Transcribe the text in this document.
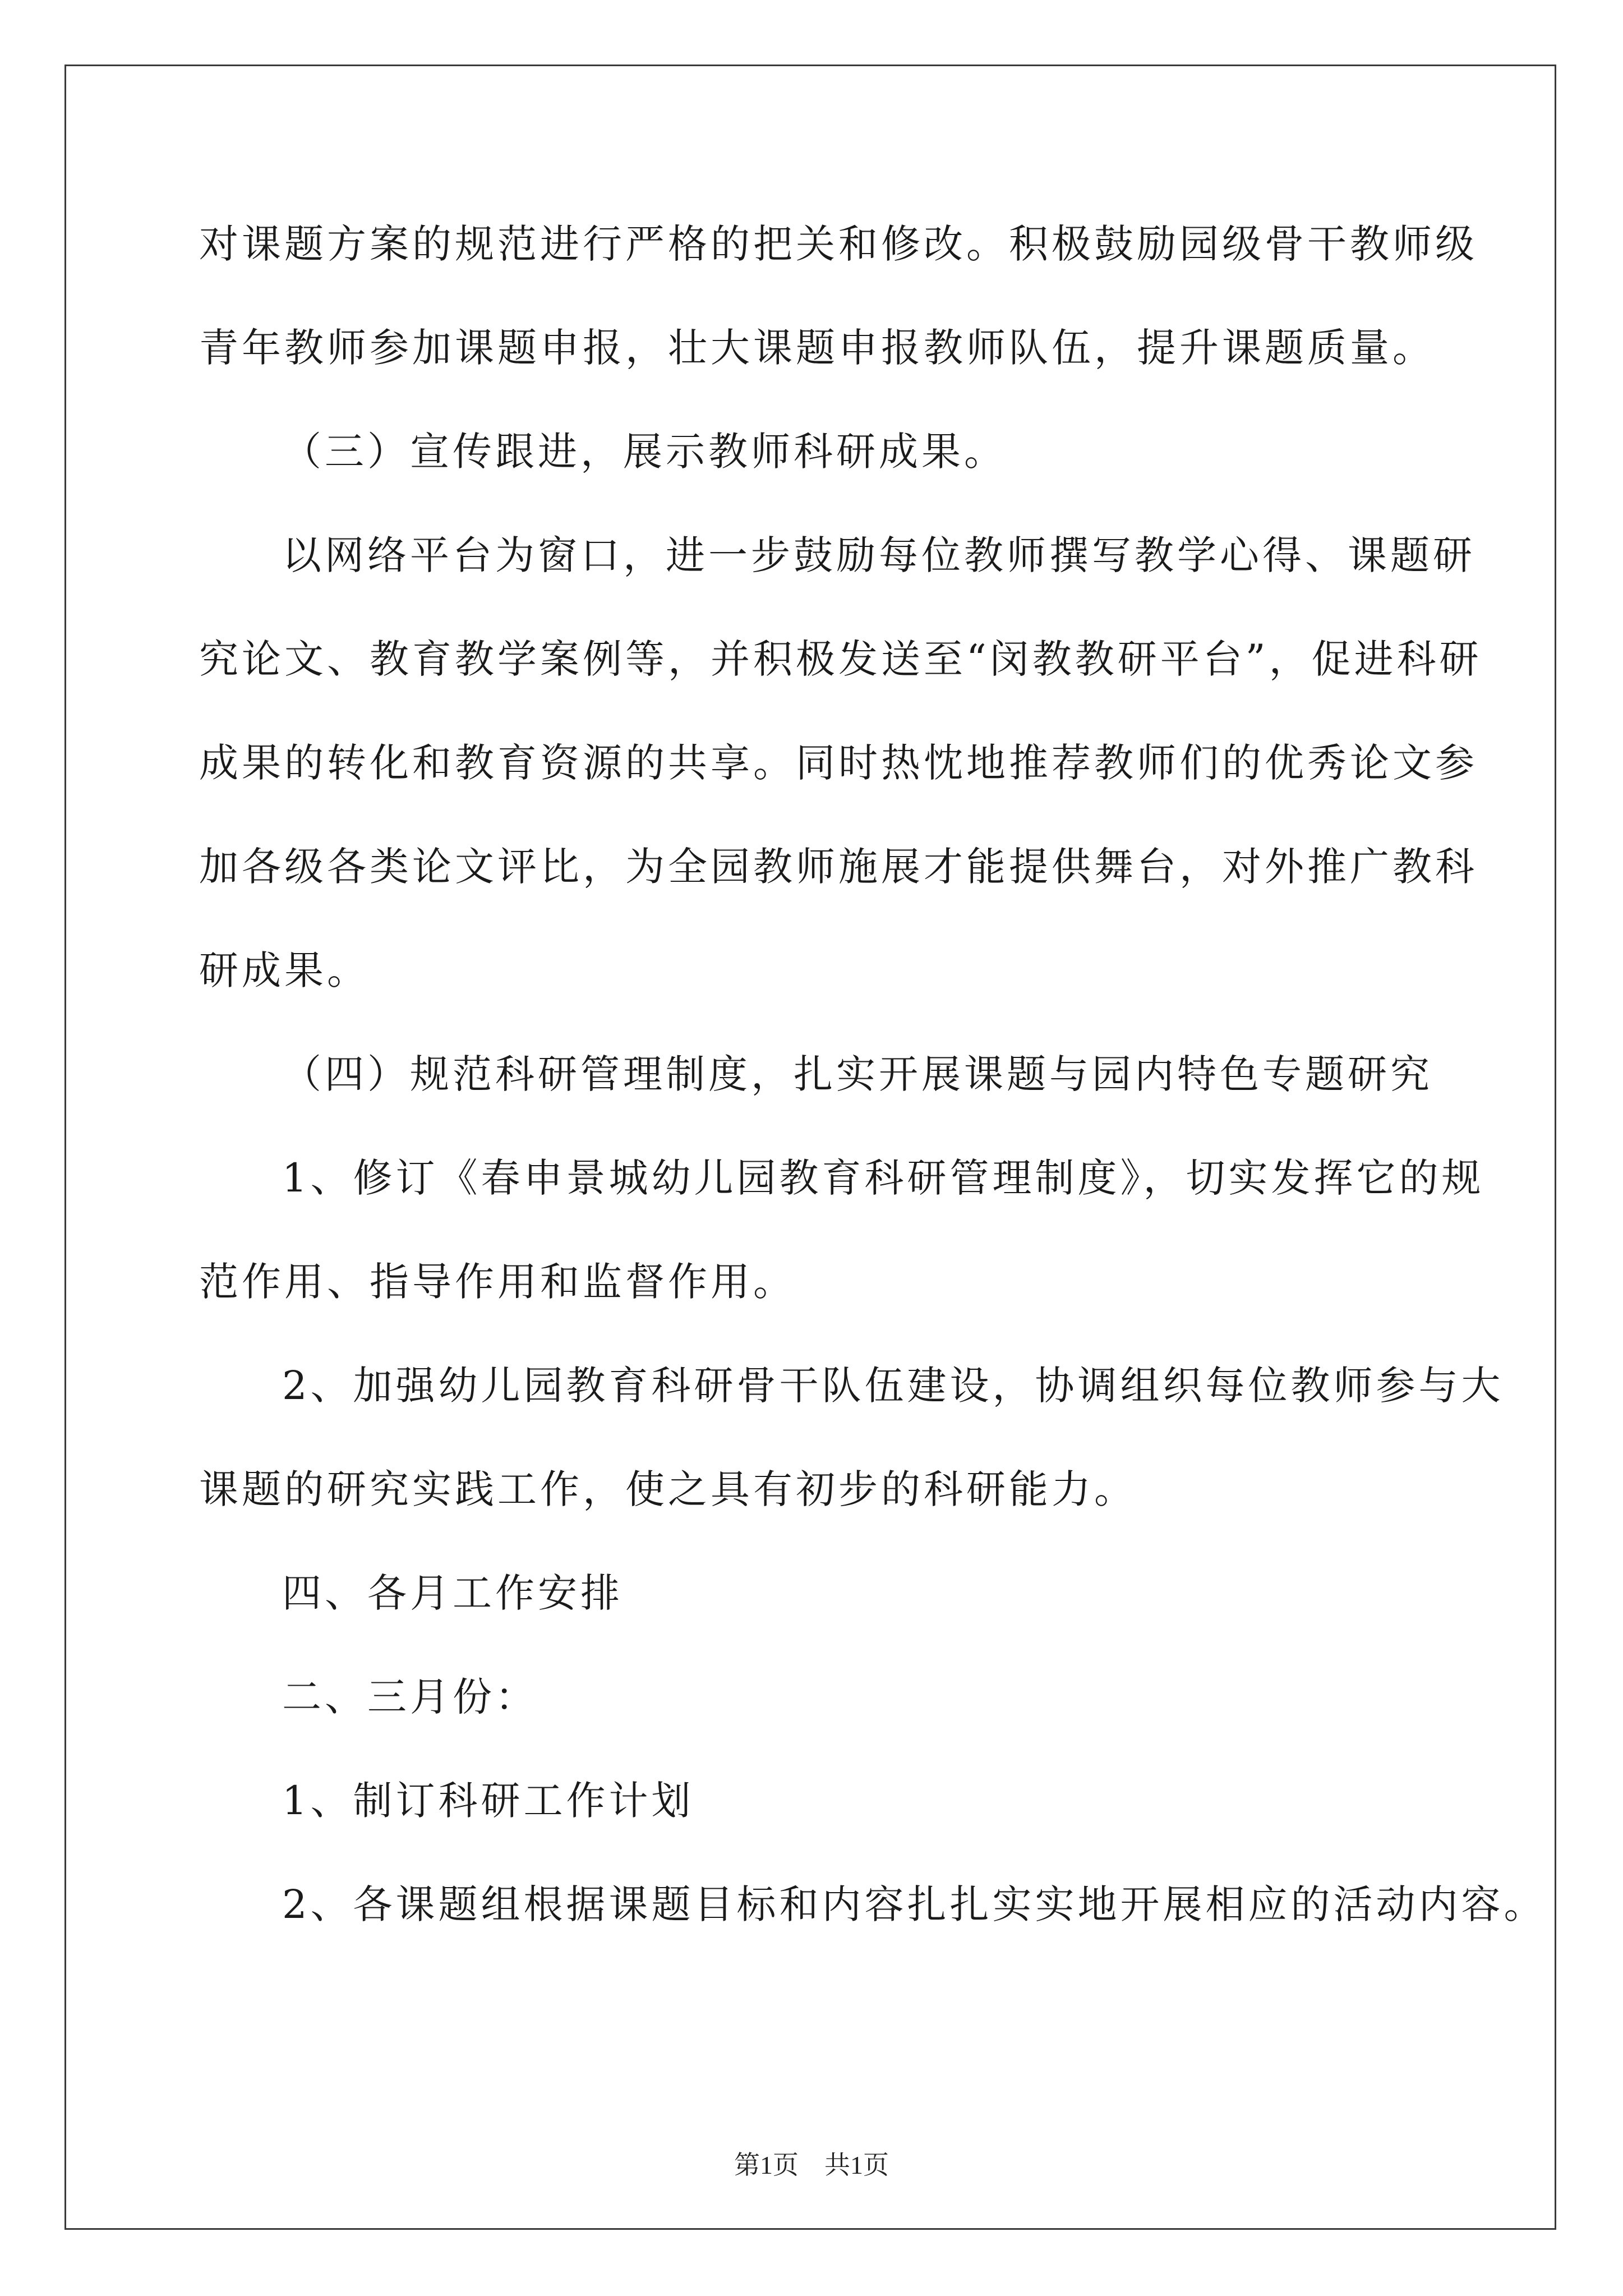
对课题方案的规范进行严格的把关和修改。积极鼓励园级骨干教师级
青年教师参加课题申报，壮大课题申报教师队伍，提升课题质量。
（三）宣传跟进，展示教师科研成果。
以网络平台为窗口，进一步鼓励每位教师撰写教学心得、课题研
究论文、教育教学案例等，并积极发送至“闵教教研平台”，促进科研
成果的转化和教育资源的共享。同时热忱地推荐教师们的优秀论文参
加各级各类论文评比，为全园教师施展才能提供舞台，对外推广教科
研成果。
（四）规范科研管理制度，扎实开展课题与园内特色专题研究
1、修订《春申景城幼儿园教育科研管理制度》，切实发挥它的规
范作用、指导作用和监督作用。
2、加强幼儿园教育科研骨干队伍建设，协调组织每位教师参与大
课题的研究实践工作，使之具有初步的科研能力。
四、各月工作安排
二、三月份：
1、制订科研工作计划
2、各课题组根据课题目标和内容扎扎实实地开展相应的活动内容。
第1页　共1页
